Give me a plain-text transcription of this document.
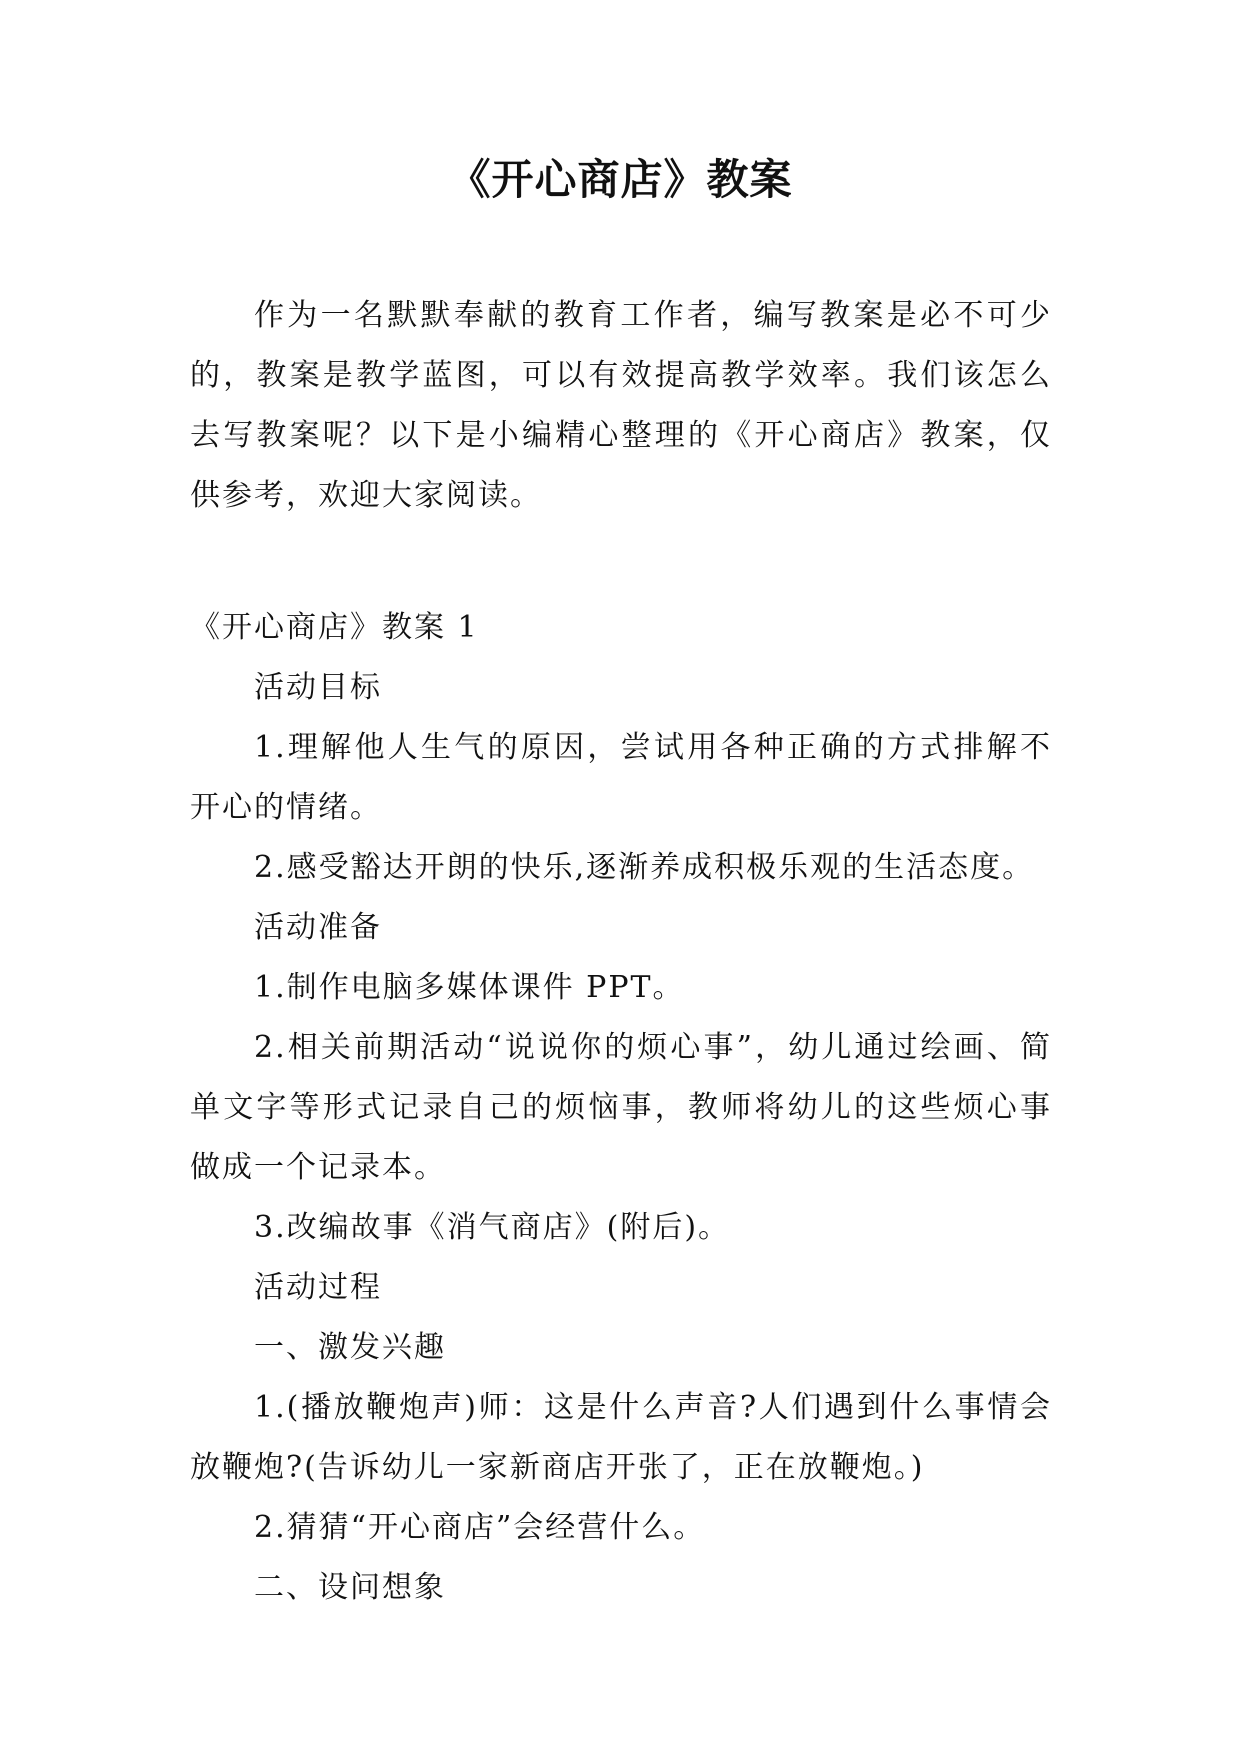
《开心商店》教案

作为一名默默奉献的教育工作者，编写教案是必不可少的，教案是教学蓝图，可以有效提高教学效率。我们该怎么去写教案呢？以下是小编精心整理的《开心商店》教案，仅供参考，欢迎大家阅读。

《开心商店》教案 1

活动目标

1.理解他人生气的原因，尝试用各种正确的方式排解不开心的情绪。

2.感受豁达开朗的快乐,逐渐养成积极乐观的生活态度。

活动准备

1.制作电脑多媒体课件 PPT。

2.相关前期活动“说说你的烦心事”，幼儿通过绘画、简单文字等形式记录自己的烦恼事，教师将幼儿的这些烦心事做成一个记录本。

3.改编故事《消气商店》(附后)。

活动过程

一、激发兴趣

1.(播放鞭炮声)师：这是什么声音?人们遇到什么事情会放鞭炮?(告诉幼儿一家新商店开张了，正在放鞭炮。)

2.猜猜“开心商店”会经营什么。

二、设问想象
